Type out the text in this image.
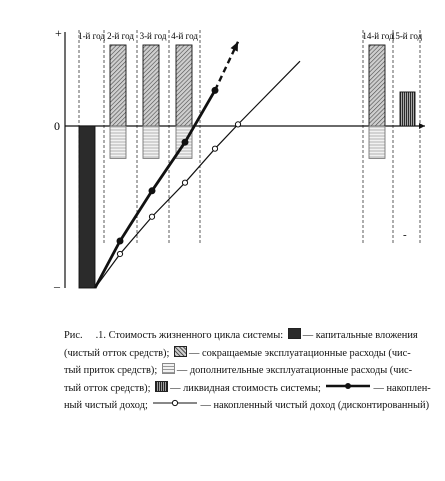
+
0
–
1-й год 2-й год 3-й год 4-й год	14-й год
15-й год
-

Рис. .1. Стоимость жизненного цикла системы: — капитальные вложения

(чистый отток средств); — сокращаемые эксплуатационные расходы (чис-

тый приток средств); — дополнительные эксплуатационные расходы (чис-

тый отток средств); — ликвидная стоимость системы;	— накоплен-

ный чистый доход;	— накопленный чистый доход (дисконтированный)
